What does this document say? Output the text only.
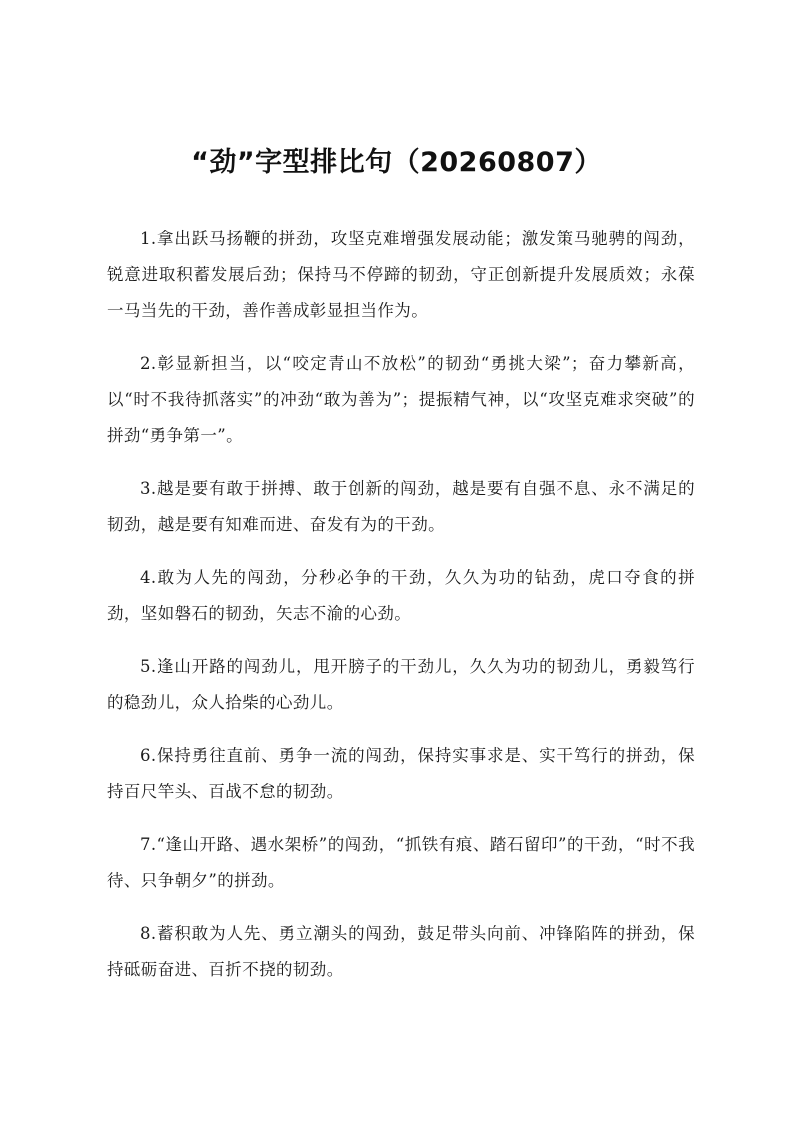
“劲”字型排比句（20260807）

1.拿出跃马扬鞭的拼劲，攻坚克难增强发展动能；激发策马驰骋的闯劲，锐意进取积蓄发展后劲；保持马不停蹄的韧劲，守正创新提升发展质效；永葆一马当先的干劲，善作善成彰显担当作为。

2.彰显新担当，以“咬定青山不放松”的韧劲“勇挑大梁”；奋力攀新高，以“时不我待抓落实”的冲劲“敢为善为”；提振精气神，以“攻坚克难求突破”的拼劲“勇争第一”。

3.越是要有敢于拼搏、敢于创新的闯劲，越是要有自强不息、永不满足的韧劲，越是要有知难而进、奋发有为的干劲。

4.敢为人先的闯劲，分秒必争的干劲，久久为功的钻劲，虎口夺食的拼劲，坚如磐石的韧劲，矢志不渝的心劲。

5.逢山开路的闯劲儿，甩开膀子的干劲儿，久久为功的韧劲儿，勇毅笃行的稳劲儿，众人拾柴的心劲儿。

6.保持勇往直前、勇争一流的闯劲，保持实事求是、实干笃行的拼劲，保持百尺竿头、百战不怠的韧劲。

7.“逢山开路、遇水架桥”的闯劲，“抓铁有痕、踏石留印”的干劲，“时不我待、只争朝夕”的拼劲。

8.蓄积敢为人先、勇立潮头的闯劲，鼓足带头向前、冲锋陷阵的拼劲，保持砥砺奋进、百折不挠的韧劲。
